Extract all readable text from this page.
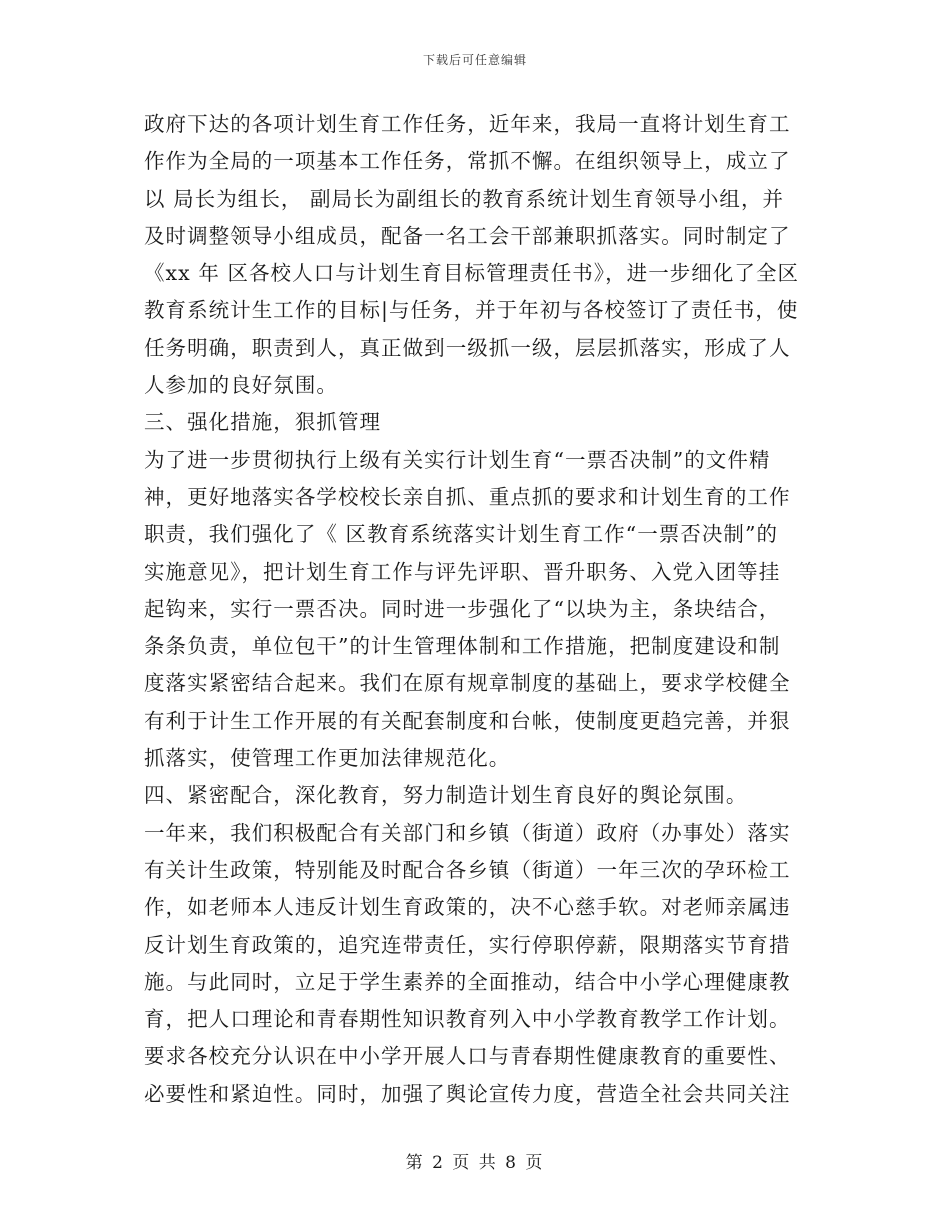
下载后可任意编辑
政府下达的各项计划生育工作任务，近年来，我局一直将计划生育工
作作为全局的一项基本工作任务，常抓不懈。在组织领导上，成立了
以 局长为组长， 副局长为副组长的教育系统计划生育领导小组，并
及时调整领导小组成员，配备一名工会干部兼职抓落实。同时制定了
《xx 年 区各校人口与计划生育目标管理责任书》，进一步细化了全区
教育系统计生工作的目标|与任务，并于年初与各校签订了责任书，使
任务明确，职责到人，真正做到一级抓一级，层层抓落实，形成了人
人参加的良好氛围。
三、强化措施，狠抓管理
为了进一步贯彻执行上级有关实行计划生育“一票否决制”的文件精
神，更好地落实各学校校长亲自抓、重点抓的要求和计划生育的工作
职责，我们强化了《 区教育系统落实计划生育工作“一票否决制”的
实施意见》，把计划生育工作与评先评职、晋升职务、入党入团等挂
起钩来，实行一票否决。同时进一步强化了“以块为主，条块结合，
条条负责，单位包干”的计生管理体制和工作措施，把制度建设和制
度落实紧密结合起来。我们在原有规章制度的基础上，要求学校健全
有利于计生工作开展的有关配套制度和台帐，使制度更趋完善，并狠
抓落实，使管理工作更加法律规范化。
四、紧密配合，深化教育，努力制造计划生育良好的舆论氛围。
一年来，我们积极配合有关部门和乡镇（街道）政府（办事处）落实
有关计生政策，特别能及时配合各乡镇（街道）一年三次的孕环检工
作，如老师本人违反计划生育政策的，决不心慈手软。对老师亲属违
反计划生育政策的，追究连带责任，实行停职停薪，限期落实节育措
施。与此同时，立足于学生素养的全面推动，结合中小学心理健康教
育，把人口理论和青春期性知识教育列入中小学教育教学工作计划。
要求各校充分认识在中小学开展人口与青春期性健康教育的重要性、
必要性和紧迫性。同时，加强了舆论宣传力度，营造全社会共同关注
第 2 页 共 8 页
